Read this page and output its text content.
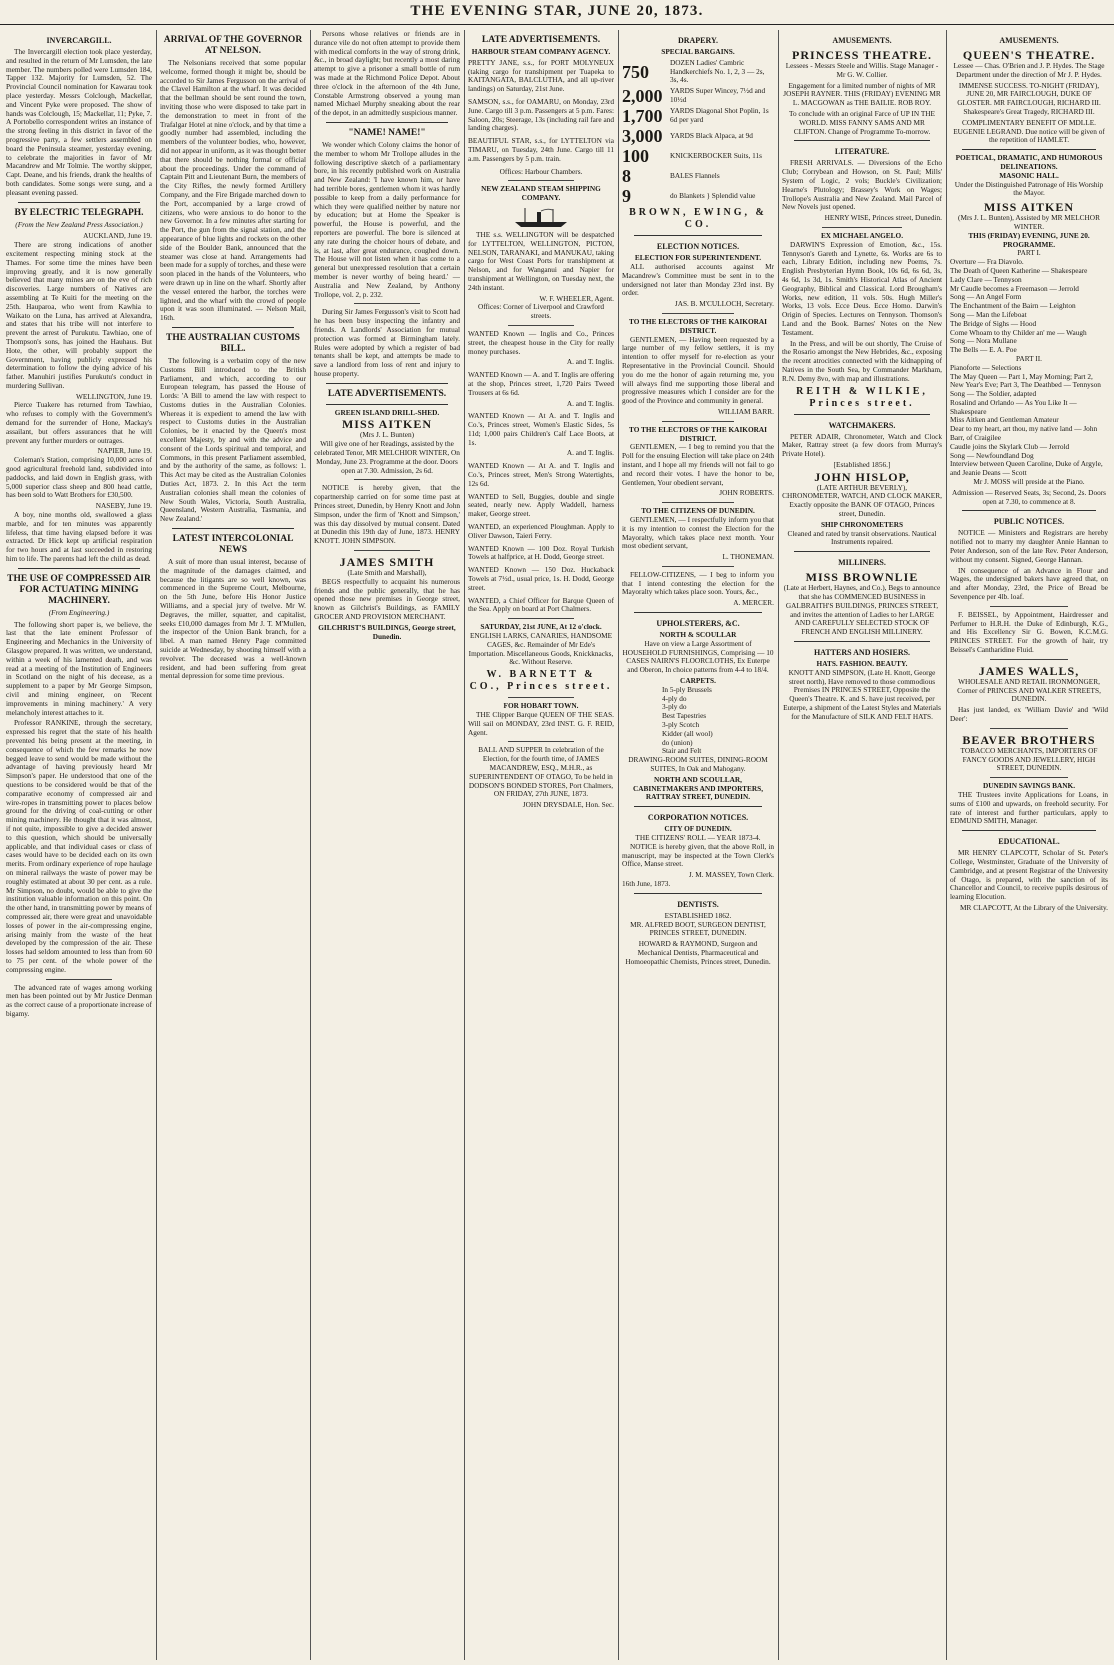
THE EVENING STAR, JUNE 20, 1873.
INVERCARGILL.

The Invercargill election took place yesterday, and resulted in the return of Mr Lumsden, the late member. The numbers polled were Lumsden 184, Tapper 132. Majority for Lumsden, 52. The Provincial Council nomination for Kawarau took place yesterday. Messrs Colclough, Mackellar, and Vincent Pyke were proposed. The show of hands was Colclough, 15; Mackellar, 11; Pyke, 7. A Portobello correspondent writes an instance of the strong feeling in this district in favor of the progressive party, a few settlers assembled on board the Peninsula steamer, yesterday evening, to celebrate the majorities in favor of Mr Macandrew and Mr Tolmie. The worthy skipper, Capt. Deane, and his friends, drank the healths of both candidates. Some songs were sung, and a pleasant evening passed.

BY ELECTRIC TELEGRAPH.
(From the New Zealand Press Association.)
AUCKLAND, June 19.

There are strong indications of another excitement respecting mining stock at the Thames. For some time the mines have been improving greatly, and it is now generally believed that many mines are on the eve of rich discoveries. Large numbers of Natives are assembling at Te Kuiti for the meeting on the 25th. Hauparoa, who went from Kawhia to Waikato on the Luna, has arrived at Alexandra, and states that his tribe will not interfere to prevent the arrest of Purukutu. Tawhiao, one of Thompson's sons, has joined the Hauhaus. But Hote, the other, will probably support the Government, having publicly expressed his determination to follow the dying advice of his father. Manuhiri justifies Purukutu's conduct in murdering Sullivan.

WELLINGTON, June 19.

Pierce Tuakere has returned from Tawhiao, who refuses to comply with the Government's demand for the surrender of Hone, Mackay's assailant, but offers assurances that he will prevent any further murders or outrages.

NAPIER, June 19.

Coleman's Station, comprising 10,000 acres of good agricultural freehold land, subdivided into paddocks, and laid down in English grass, with 5,000 superior class sheep and 800 head cattle, has been sold to Watt Brothers for £30,500.

NASEBY, June 19.

A boy, nine months old, swallowed a glass marble, and for ten minutes was apparently lifeless, that time having elapsed before it was extracted. Dr Hick kept up artificial respiration for two hours and at last succeeded in restoring him to life. The parents had left the child as dead.

THE USE OF COMPRESSED AIR FOR ACTUATING MINING MACHINERY.
(From Engineering.)

The following short paper is, we believe, the last that the late eminent Professor of Engineering and Mechanics in the University of Glasgow prepared. It was written, we understand, within a week of his lamented death, and was read at a meeting of the Institution of Engineers in Scotland on the night of his decease, as a supplement to a paper by Mr George Simpson, civil and mining engineer, on 'Recent improvements in mining machinery.' A very melancholy interest attaches to it.

Professor RANKINE, through the secretary, expressed his regret that the state of his health prevented his being present at the meeting, in consequence of which the few remarks he now begged leave to send would be made without the advantage of having previously heard Mr Simpson's paper. He understood that one of the questions to be considered would be that of the comparative economy of compressed air and wire-ropes in transmitting power to places below ground for the driving of coal-cutting or other mining machinery. He thought that it was almost, if not quite, impossible to give a decided answer to this question, which should be universally applicable, and that individual cases or class of cases would have to be decided each on its own merits. From ordinary experience of rope haulage on mineral railways the waste of power may be roughly estimated at about 30 per cent. as a rule. Mr Simpson, no doubt, would be able to give the institution valuable information on this point. On the other hand, in transmitting power by means of compressed air, there were great and unavoidable losses of power in the air-compressing engine, arising mainly from the waste of the heat developed by the compression of the air. These losses had seldom amounted to less than from 60 to 75 per cent. of the whole power of the compressing engine.

The advanced rate of wages among working men has been pointed out by Mr Justice Denman as the correct cause of a proportionate increase of bigamy.

ARRIVAL OF THE GOVERNOR AT NELSON.

The Nelsonians received that some popular welcome, formed though it might be, should be accorded to Sir James Fergusson on the arrival of the Clavel Hamilton at the wharf. It was decided that the bellman should be sent round the town, inviting those who were disposed to take part in the demonstration to meet in front of the Trafalgar Hotel at nine o'clock, and by that time a goodly number had assembled, including the members of the volunteer bodies, who, however, did not appear in uniform, as it was thought better that there should be nothing formal or official about the proceedings. Under the command of Captain Pitt and Lieutenant Burn, the members of the City Rifles, the newly formed Artillery Company, and the Fire Brigade marched down to the Port, accompanied by a large crowd of citizens, who were anxious to do honor to the new Governor. In a few minutes after starting for the Port, the gun from the signal station, and the appearance of blue lights and rockets on the other side of the Boulder Bank, announced that the steamer was close at hand. Arrangements had been made for a supply of torches, and these were soon placed in the hands of the Volunteers, who were drawn up in line on the wharf. Shortly after the vessel entered the harbor, the torches were lighted, and the wharf with the crowd of people upon it was soon illuminated. — Nelson Mail, 16th.

THE AUSTRALIAN CUSTOMS BILL.

The following is a verbatim copy of the new Customs Bill introduced to the British Parliament, and which, according to our European telegram, has passed the House of Lords: 'A Bill to amend the law with respect to Customs duties in the Australian Colonies. Whereas it is expedient to amend the law with respect to Customs duties in the Australian Colonies, be it enacted by the Queen's most excellent Majesty, by and with the advice and consent of the Lords spiritual and temporal, and Commons, in this present Parliament assembled, and by the authority of the same, as follows: 1. This Act may be cited as the Australian Colonies Duties Act, 1873. 2. In this Act the term Australian colonies shall mean the colonies of New South Wales, Victoria, South Australia, Queensland, Western Australia, Tasmania, and New Zealand.'

LATEST INTERCOLONIAL NEWS

A suit of more than usual interest, because of the magnitude of the damages claimed, and because the litigants are so well known, was commenced in the Supreme Court, Melbourne, on the 5th June, before His Honor Justice Williams, and a special jury of twelve. Mr W. Degraves, the miller, squatter, and capitalist, seeks £10,000 damages from Mr J. T. M'Mullen, the inspector of the Union Bank branch, for a libel. A man named Henry Page committed suicide at Wednesday, by shooting himself with a revolver. The deceased was a well-known resident, and had been suffering from great mental depression for some time previous.

Persons whose relatives or friends are in durance vile do not often attempt to provide them with medical comforts in the way of strong drink, &c., in broad daylight; but recently a most daring attempt to give a prisoner a small bottle of rum was made at the Richmond Police Depot. About three o'clock in the afternoon of the 4th June, Constable Armstrong observed a young man named Michael Murphy sneaking about the rear of the depot, in an admittedly suspicious manner.

"NAME! NAME!"

We wonder which Colony claims the honor of the member to whom Mr Trollope alludes in the following descriptive sketch of a parliamentary bore, in his recently published work on Australia and New Zealand: 'I have known him, or have had terrible bores, gentlemen whom it was hardly possible to keep from a daily performance for which they were qualified neither by nature nor by education; but at Home the Speaker is powerful, the House is powerful, and the reporters are powerful. The bore is silenced at any rate during the choicer hours of debate, and is, at last, after great endurance, coughed down. The House will not listen when it has come to a general but unexpressed resolution that a certain member is never worthy of being heard.' — Australia and New Zealand, by Anthony Trollope, vol. 2, p. 232.

During Sir James Fergusson's visit to Scott had he has been busy inspecting the infantry and friends. A Landlords' Association for mutual protection was formed at Birmingham lately. Rules were adopted by which a register of bad tenants shall be kept, and attempts be made to save a landlord from loss of rent and injury to house property.

LATE ADVERTISEMENTS.
GREEN ISLAND DRILL-SHED.
MISS AITKEN
(Mrs J. L. Bunten)

Will give one of her Readings, assisted by the celebrated Tenor, MR MELCHIOR WINTER, On Monday, June 23. Programme at the door. Doors open at 7.30. Admission, 2s 6d.

NOTICE is hereby given, that the copartnership carried on for some time past at Princes street, Dunedin, by Henry Knott and John Simpson, under the firm of 'Knott and Simpson,' was this day dissolved by mutual consent. Dated at Dunedin this 19th day of June, 1873. HENRY KNOTT. JOHN SIMPSON.

JAMES SMITH
(Late Smith and Marshall),

BEGS respectfully to acquaint his numerous friends and the public generally, that he has opened those new premises in George street, known as Gilchrist's Buildings, as FAMILY GROCER AND PROVISION MERCHANT.

GILCHRIST'S BUILDINGS, George street, Dunedin.
LATE ADVERTISEMENTS.
HARBOUR STEAM COMPANY AGENCY.

PRETTY JANE, s.s., for PORT MOLYNEUX (taking cargo for transhipment per Tuapeka to KAITANGATA, BALCLUTHA, and all up-river landings) on Saturday, 21st June.

SAMSON, s.s., for OAMARU, on Monday, 23rd June. Cargo till 3 p.m. Passengers at 5 p.m. Fares: Saloon, 20s; Steerage, 13s (including rail fare and landing charges).

BEAUTIFUL STAR, s.s., for LYTTELTON via TIMARU, on Tuesday, 24th June. Cargo till 11 a.m. Passengers by 5 p.m. train.

Offices: Harbour Chambers.
NEW ZEALAND STEAM SHIPPING COMPANY.

THE s.s. WELLINGTON will be despatched for LYTTELTON, WELLINGTON, PICTON, NELSON, TARANAKI, and MANUKAU, taking cargo for West Coast Ports for transhipment at Nelson, and for Wanganui and Napier for transhipment at Wellington, on Tuesday next, the 24th instant.

W. F. WHEELER, Agent.
Offices: Corner of Liverpool and Crawford streets.

WANTED Known — Inglis and Co., Princes street, the cheapest house in the City for really money purchases.

A. and T. Inglis.

WANTED Known — A. and T. Inglis are offering at the shop, Princes street, 1,720 Pairs Tweed Trousers at 6s 6d.

A. and T. Inglis.

WANTED Known — At A. and T. Inglis and Co.'s, Princes street, Women's Elastic Sides, 5s 11d; 1,000 pairs Children's Calf Lace Boots, at 1s.

A. and T. Inglis.

WANTED Known — At A. and T. Inglis and Co.'s, Princes street, Men's Strong Watertights, 12s 6d.

WANTED to Sell, Buggies, double and single seated, nearly new. Apply Waddell, harness maker, George street.

WANTED, an experienced Ploughman. Apply to Oliver Dawson, Taieri Ferry.

WANTED Known — 100 Doz. Royal Turkish Towels at halfprice, at H. Dodd, George street.

WANTED Known — 150 Doz. Huckaback Towels at 7½d., usual price, 1s. H. Dodd, George street.

WANTED, a Chief Officer for Barque Queen of the Sea. Apply on board at Port Chalmers.

SATURDAY, 21st JUNE, At 12 o'clock.

ENGLISH LARKS, CANARIES, HANDSOME CAGES, &c. Remainder of Mr Ede's Importation. Miscellaneous Goods, Knickknacks, &c. Without Reserve.

W. BARNETT & CO., Princes street.
FOR HOBART TOWN.

THE Clipper Barque QUEEN OF THE SEAS. Will sail on MONDAY, 23rd INST. G. F. REID, Agent.

BALL AND SUPPER In celebration of the Election, for the fourth time, of JAMES MACANDREW, ESQ., M.H.R., as SUPERINTENDENT OF OTAGO, To be held in DODSON'S BONDED STORES, Port Chalmers, ON FRIDAY, 27th JUNE, 1873.

JOHN DRYSDALE, Hon. Sec.
DRAPERY.
SPECIAL BARGAINS.
750	DOZEN Ladies' Cambric Handkerchiefs No. 1, 2, 3 — 2s, 3s, 4s.
2,000	YARDS Super Wincey, 7½d and 10½d
1,700	YARDS Diagonal Shot Poplin, 1s 6d per yard
3,000	YARDS Black Alpaca, at 9d
100	KNICKERBOCKER Suits, 11s
8	BALES Flannels
9	do Blankets } Splendid value
BROWN, EWING, & CO.
ELECTION NOTICES.
ELECTION FOR SUPERINTENDENT.

ALL authorised accounts against Mr Macandrew's Committee must be sent in to the undersigned not later than Monday 23rd inst. By order.

JAS. B. M'CULLOCH, Secretary.
TO THE ELECTORS OF THE KAIKORAI DISTRICT.

GENTLEMEN, — Having been requested by a large number of my fellow settlers, it is my intention to offer myself for re-election as your Representative in the Provincial Council. Should you do me the honor of again returning me, you will always find me supporting those liberal and progressive measures which I consider are for the good of the Province and community in general.

WILLIAM BARR.
TO THE ELECTORS OF THE KAIKORAI DISTRICT.

GENTLEMEN, — I beg to remind you that the Poll for the ensuing Election will take place on 24th instant, and I hope all my friends will not fail to go and record their votes. I have the honor to be, Gentlemen, Your obedient servant,

JOHN ROBERTS.
TO THE CITIZENS OF DUNEDIN.

GENTLEMEN, — I respectfully inform you that it is my intention to contest the Election for the Mayoralty, which takes place next month. Your most obedient servant,

L. THONEMAN.

FELLOW-CITIZENS, — I beg to inform you that I intend contesting the election for the Mayoralty which takes place soon. Yours, &c.,

A. MERCER.
UPHOLSTERERS, &C.
NORTH & SCOULLAR

Have on view a Large Assortment of HOUSEHOLD FURNISHINGS, Comprising — 10 CASES NAIRN'S FLOORCLOTHS, Ex Euterpe and Oberon, In choice patterns from 4-4 to 18/4.

CARPETS.
In 5-ply Brussels
4-ply do
3-ply do
Best Tapestries
3-ply Scotch
Kidder (all wool)
do (union)
Stair and Felt

DRAWING-ROOM SUITES, DINING-ROOM SUITES, In Oak and Mahogany.

NORTH AND SCOULLAR, CABINETMAKERS AND IMPORTERS, RATTRAY STREET, DUNEDIN.

CORPORATION NOTICES.
CITY OF DUNEDIN.
THE CITIZENS' ROLL — YEAR 1873-4.

NOTICE is hereby given, that the above Roll, in manuscript, may be inspected at the Town Clerk's Office, Manse street.

J. M. MASSEY, Town Clerk.
16th June, 1873.
DENTISTS.
ESTABLISHED 1862.

MR. ALFRED BOOT, SURGEON DENTIST, PRINCES STREET, DUNEDIN.

HOWARD & RAYMOND, Surgeon and Mechanical Dentists, Pharmaceutical and Homoeopathic Chemists, Princes street, Dunedin.

AMUSEMENTS.
PRINCESS THEATRE.

Lessees - Messrs Steele and Willis. Stage Manager - Mr G. W. Collier.

Engagement for a limited number of nights of MR JOSEPH RAYNER. THIS (FRIDAY) EVENING MR L. MACGOWAN as THE BAILIE. ROB ROY.

To conclude with an original Farce of UP IN THE WORLD. MISS FANNY SAMS AND MR CLIFTON. Change of Programme To-morrow.

LITERATURE.

FRESH ARRIVALS. — Diversions of the Echo Club; Corrybean and Howson, on St. Paul; Mills' System of Logic, 2 vols; Buckle's Civilization; Hearne's Plutology; Brassey's Work on Wages; Trollope's Australia and New Zealand. Mail Parcel of New Novels just opened.

HENRY WISE, Princes street, Dunedin.
EX MICHAEL ANGELO.

DARWIN'S Expression of Emotion, &c., 15s. Tennyson's Gareth and Lynette, 6s. Works are 6s to each, Library Edition, including new Poems, 7s. English Presbyterian Hymn Book, 10s 6d, 6s 6d, 3s, 4s 6d, 1s 3d, 1s. Smith's Historical Atlas of Ancient Geography, Biblical and Classical. Lord Brougham's Works, new edition, 11 vols. 50s. Hugh Miller's Works, 13 vols. Ecce Deus. Ecce Homo. Darwin's Origin of Species. Lectures on Tennyson. Thomson's Land and the Book. Barnes' Notes on the New Testament.

In the Press, and will be out shortly, The Cruise of the Rosario amongst the New Hebrides, &c., exposing the recent atrocities connected with the kidnapping of Natives in the South Sea, by Commander Markham, R.N. Demy 8vo, with map and illustrations.

REITH & WILKIE, Princes street.
WATCHMAKERS.

PETER ADAIR, Chronometer, Watch and Clock Maker, Rattray street (a few doors from Murray's Private Hotel).

[Established 1856.]
JOHN HISLOP,
(LATE ARTHUR BEVERLY),

CHRONOMETER, WATCH, AND CLOCK MAKER, Exactly opposite the BANK OF OTAGO, Princes street, Dunedin.

SHIP CHRONOMETERS

Cleaned and rated by transit observations. Nautical Instruments repaired.

MILLINERS.
MISS BROWNLIE

(Late at Herbert, Haynes, and Co.), Begs to announce that she has COMMENCED BUSINESS in GALBRAITH'S BUILDINGS, PRINCES STREET, and invites the attention of Ladies to her LARGE AND CAREFULLY SELECTED STOCK OF FRENCH AND ENGLISH MILLINERY.

HATTERS AND HOSIERS.
HATS. FASHION. BEAUTY.

KNOTT AND SIMPSON, (Late H. Knott, George street north), Have removed to those commodious Premises IN PRINCES STREET, Opposite the Queen's Theatre. K. and S. have just received, per Euterpe, a shipment of the Latest Styles and Materials for the Manufacture of SILK AND FELT HATS.

AMUSEMENTS.
QUEEN'S THEATRE.

Lessee — Chas. O'Brien and J. P. Hydes. The Stage Department under the direction of Mr J. P. Hydes.

IMMENSE SUCCESS. TO-NIGHT (FRIDAY), JUNE 20, MR FAIRCLOUGH, DUKE OF GLOSTER. MR FAIRCLOUGH, RICHARD III. Shakespeare's Great Tragedy, RICHARD III.

COMPLIMENTARY BENEFIT OF MDLLE. EUGENIE LEGRAND. Due notice will be given of the repetition of HAMLET.

POETICAL, DRAMATIC, AND HUMOROUS DELINEATIONS.
MASONIC HALL.

Under the Distinguished Patronage of His Worship the Mayor.

MISS AITKEN
(Mrs J. L. Bunten), Assisted by MR MELCHOR WINTER.
THIS (FRIDAY) EVENING, JUNE 20.
PROGRAMME.
PART I.
Overture — Fra Diavolo.
The Death of Queen Katherine — Shakespeare
Lady Clare — Tennyson
Mr Caudle becomes a Freemason — Jerrold
Song — An Angel Form
The Enchantment of the Bairn — Leighton
Song — Man the Lifeboat
The Bridge of Sighs — Hood
Come Whoam to thy Childer an' me — Waugh
Song — Nora Mullane
The Bells — E. A. Poe
PART II.
Pianoforte — Selections
The May Queen — Part 1, May Morning; Part 2, New Year's Eve; Part 3, The Deathbed — Tennyson
Song — The Soldier, adapted
Rosalind and Orlando — As You Like It — Shakespeare
Miss Aitken and Gentleman Amateur
Dear to my heart, art thou, my native land — John Barr, of Craigilee
Caudle joins the Skylark Club — Jerrold
Song — Newfoundland Dog
Interview between Queen Caroline, Duke of Argyle, and Jeanie Deans — Scott

Mr J. MOSS will preside at the Piano.

Admission — Reserved Seats, 3s; Second, 2s. Doors open at 7.30, to commence at 8.

PUBLIC NOTICES.

NOTICE — Ministers and Registrars are hereby notified not to marry my daughter Annie Hannan to Peter Anderson, son of the late Rev. Peter Anderson, without my consent. Signed, George Hannan.

IN consequence of an Advance in Flour and Wages, the undersigned bakers have agreed that, on and after Monday, 23rd, the Price of Bread be Sevenpence per 4lb. loaf.

F. BEISSEL, by Appointment, Hairdresser and Perfumer to H.R.H. the Duke of Edinburgh, K.G., and His Excellency Sir G. Bowen, K.C.M.G. PRINCES STREET. For the growth of hair, try Beissel's Cantharidine Fluid.

JAMES WALLS,

WHOLESALE AND RETAIL IRONMONGER, Corner of PRINCES AND WALKER STREETS, DUNEDIN.

Has just landed, ex 'William Davie' and 'Wild Deer':

BEAVER BROTHERS

TOBACCO MERCHANTS, IMPORTERS OF FANCY GOODS AND JEWELLERY, HIGH STREET, DUNEDIN.

DUNEDIN SAVINGS BANK.

THE Trustees invite Applications for Loans, in sums of £100 and upwards, on freehold security. For rate of interest and further particulars, apply to EDMUND SMITH, Manager.

EDUCATIONAL.

MR HENRY CLAPCOTT, Scholar of St. Peter's College, Westminster, Graduate of the University of Cambridge, and at present Registrar of the University of Otago, is prepared, with the sanction of its Chancellor and Council, to receive pupils desirous of learning Elocution.

MR CLAPCOTT, At the Library of the University.
